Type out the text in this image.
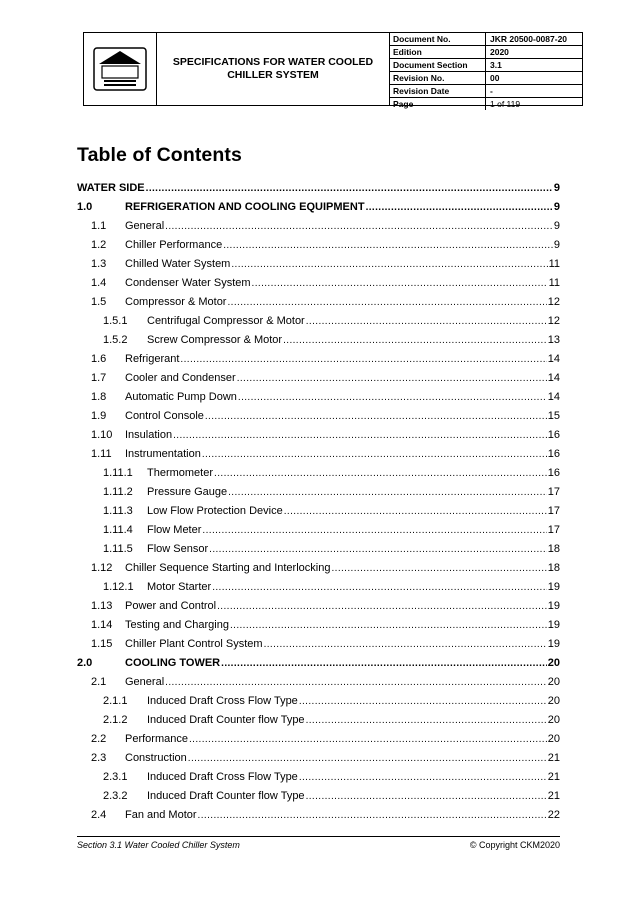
SPECIFICATIONS FOR WATER COOLED
CHILLER SYSTEM
Document No.	JKR 20500-0087-20
Edition	2020
Document Section	3.1
Revision No.	00
Revision Date	-
Page	1 of 119
Table of Contents
WATER SIDE .....	9
1.0	REFRIGERATION AND COOLING EQUIPMENT .....	9
1.1	General .....	9
1.2	Chiller Performance .....	9
1.3	Chilled Water System .....	11
1.4	Condenser Water System .....	11
1.5	Compressor & Motor .....	12
1.5.1	Centrifugal Compressor & Motor .....	12
1.5.2	Screw Compressor & Motor .....	13
1.6	Refrigerant .....	14
1.7	Cooler and Condenser .....	14
1.8	Automatic Pump Down .....	14
1.9	Control Console .....	15
1.10	Insulation .....	16
1.11	Instrumentation .....	16
1.11.1	Thermometer .....	16
1.11.2	Pressure Gauge .....	17
1.11.3	Low Flow Protection Device .....	17
1.11.4	Flow Meter .....	17
1.11.5	Flow Sensor .....	18
1.12	Chiller Sequence Starting and Interlocking .....	18
1.12.1	Motor Starter .....	19
1.13	Power and Control .....	19
1.14	Testing and Charging .....	19
1.15	Chiller Plant Control System .....	19
2.0	COOLING TOWER .....	20
2.1	General .....	20
2.1.1	Induced Draft Cross Flow Type .....	20
2.1.2	Induced Draft Counter flow Type .....	20
2.2	Performance .....	20
2.3	Construction .....	21
2.3.1	Induced Draft Cross Flow Type .....	21
2.3.2	Induced Draft Counter flow Type .....	21
2.4	Fan and Motor .....	22
Section 3.1 Water Cooled Chiller System	© Copyright CKM2020
